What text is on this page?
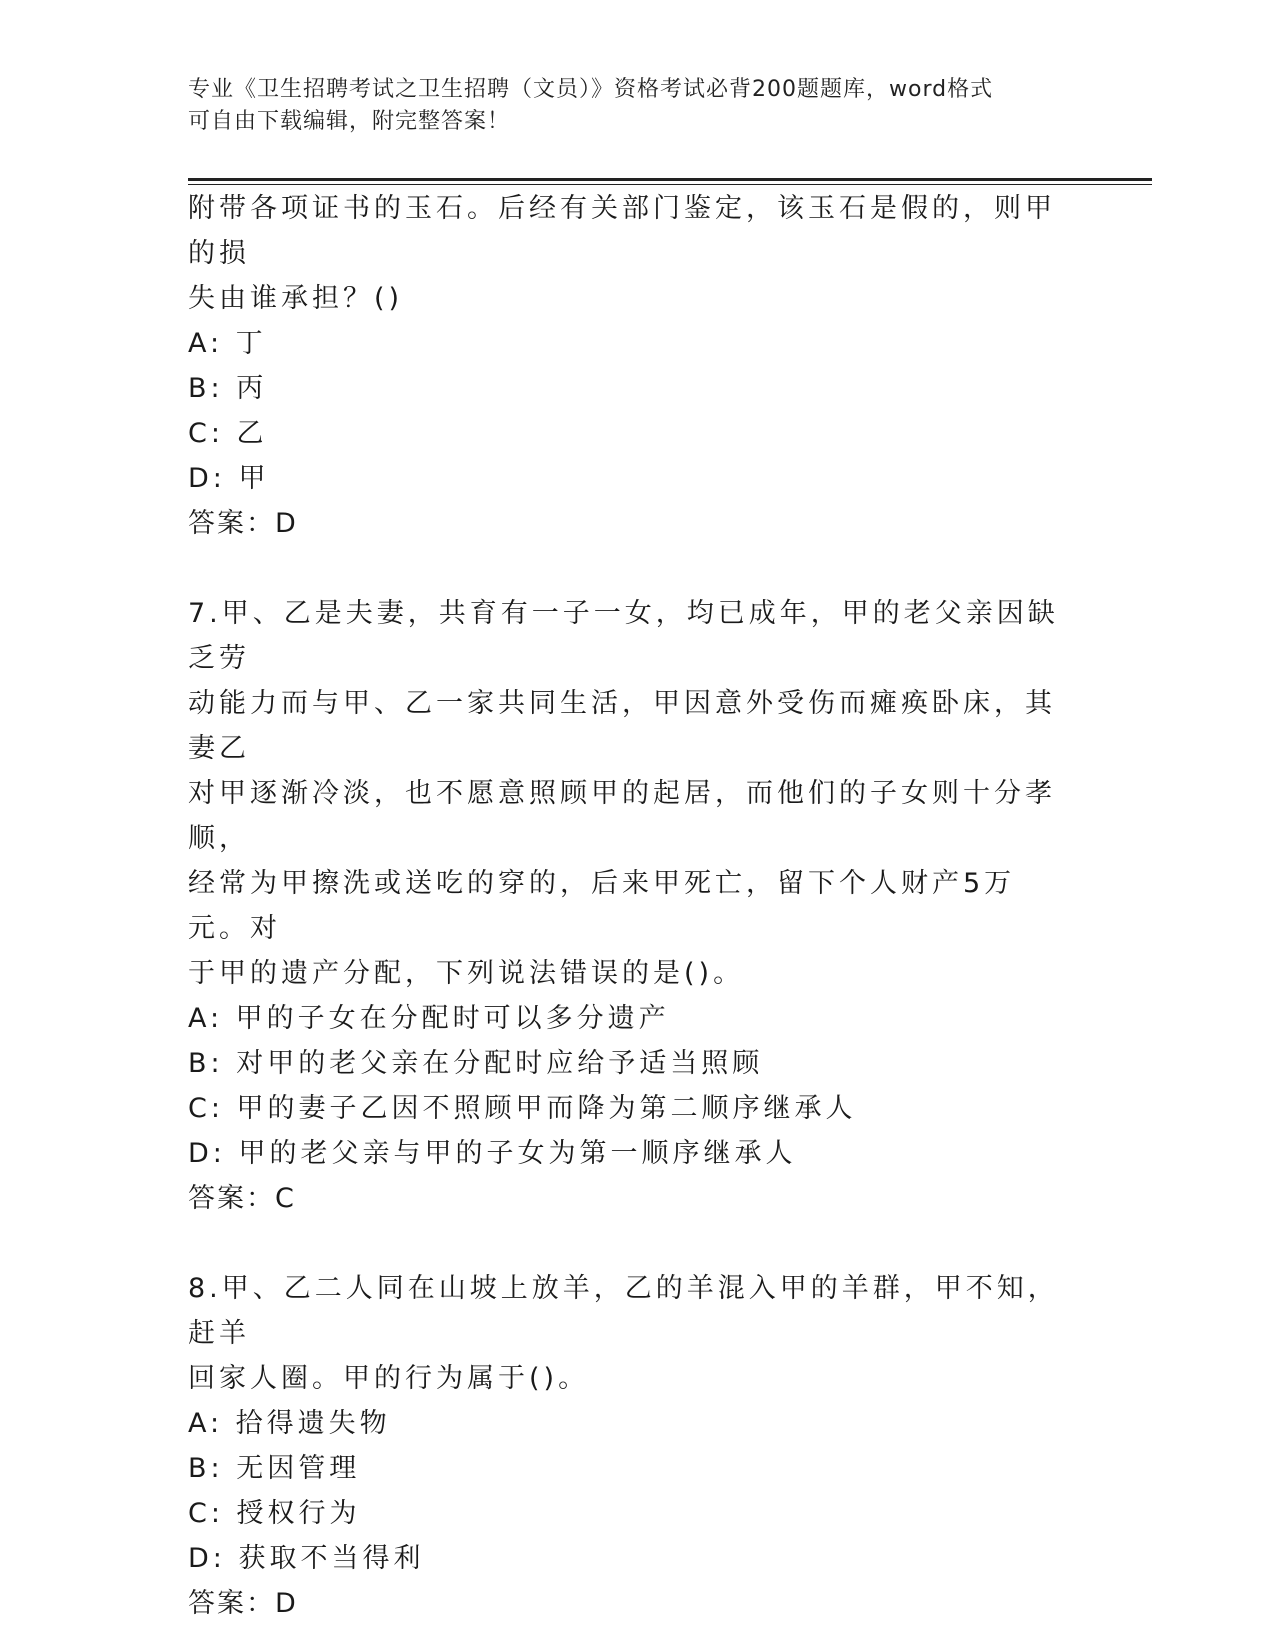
专业《卫生招聘考试之卫生招聘（文员）》资格考试必背200题题库，word格式
可自由下载编辑，附完整答案！

附带各项证书的玉石。后经有关部门鉴定，该玉石是假的，则甲的损

失由谁承担？()

A: 丁

B: 丙

C: 乙

D: 甲

答案：D

7.甲、乙是夫妻，共育有一子一女，均已成年，甲的老父亲因缺乏劳

动能力而与甲、乙一家共同生活，甲因意外受伤而瘫痪卧床，其妻乙

对甲逐渐冷淡，也不愿意照顾甲的起居，而他们的子女则十分孝顺，

经常为甲擦洗或送吃的穿的，后来甲死亡，留下个人财产5万元。对

于甲的遗产分配，下列说法错误的是()。

A: 甲的子女在分配时可以多分遗产

B: 对甲的老父亲在分配时应给予适当照顾

C: 甲的妻子乙因不照顾甲而降为第二顺序继承人

D: 甲的老父亲与甲的子女为第一顺序继承人

答案：C

8.甲、乙二人同在山坡上放羊，乙的羊混入甲的羊群，甲不知，赶羊

回家人圈。甲的行为属于()。

A: 拾得遗失物

B: 无因管理

C: 授权行为

D: 获取不当得利

答案：D
